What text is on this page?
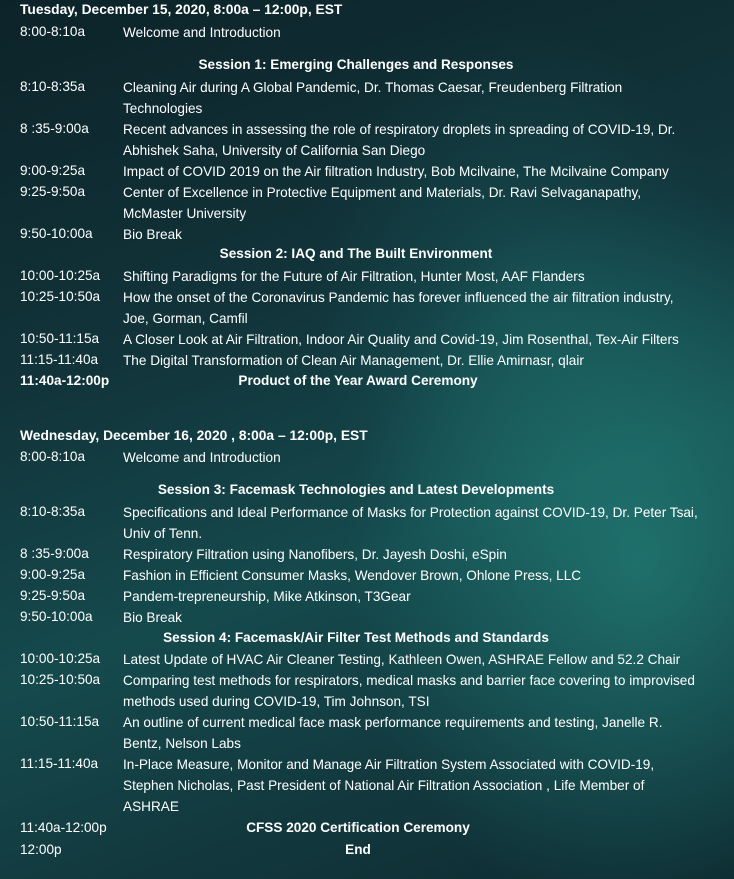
Tuesday, December 15, 2020, 8:00a – 12:00p, EST
8:00-8:10a	Welcome and Introduction
Session 1: Emerging Challenges and Responses
8:10-8:35a	Cleaning Air during A Global Pandemic, Dr. Thomas Caesar, Freudenberg Filtration Technologies
8 :35-9:00a	Recent advances in assessing the role of respiratory droplets in spreading of COVID-19, Dr. Abhishek Saha, University of California San Diego
9:00-9:25a	Impact of COVID 2019 on the Air filtration Industry, Bob Mcilvaine, The Mcilvaine Company
9:25-9:50a	Center of Excellence in Protective Equipment and Materials, Dr. Ravi Selvaganapathy, McMaster University
9:50-10:00a Bio Break
Session 2: IAQ and The Built Environment
10:00-10:25a Shifting Paradigms for the Future of Air Filtration, Hunter Most, AAF Flanders
10:25-10:50a How the onset of the Coronavirus Pandemic has forever influenced the air filtration industry, Joe, Gorman, Camfil
10:50-11:15a A Closer Look at Air Filtration, Indoor Air Quality and Covid-19, Jim Rosenthal, Tex-Air Filters
11:15-11:40a The Digital Transformation of Clean Air Management, Dr. Ellie Amirnasr, qlair
11:40a-12:00p	Product of the Year Award Ceremony
Wednesday, December 16, 2020 , 8:00a – 12:00p, EST
8:00-8:10a	Welcome and Introduction
Session 3: Facemask Technologies and Latest Developments
8:10-8:35a	Specifications and Ideal Performance of Masks for Protection against COVID-19, Dr. Peter Tsai, Univ of Tenn.
8 :35-9:00a	Respiratory Filtration using Nanofibers, Dr. Jayesh Doshi, eSpin
9:00-9:25a	Fashion in Efficient Consumer Masks, Wendover Brown, Ohlone Press, LLC
9:25-9:50a	Pandem-trepreneurship, Mike Atkinson, T3Gear
9:50-10:00a Bio Break
Session 4: Facemask/Air Filter Test Methods and Standards
10:00-10:25a Latest Update of HVAC Air Cleaner Testing, Kathleen Owen, ASHRAE Fellow and 52.2 Chair
10:25-10:50a Comparing test methods for respirators, medical masks and barrier face covering to improvised methods used during COVID-19, Tim Johnson, TSI
10:50-11:15a An outline of current medical face mask performance requirements and testing, Janelle R. Bentz, Nelson Labs
11:15-11:40a In-Place Measure, Monitor and Manage Air Filtration System Associated with COVID-19, Stephen Nicholas, Past President of National Air Filtration Association , Life Member of ASHRAE
11:40a-12:00p	CFSS 2020 Certification Ceremony
12:00p	End
